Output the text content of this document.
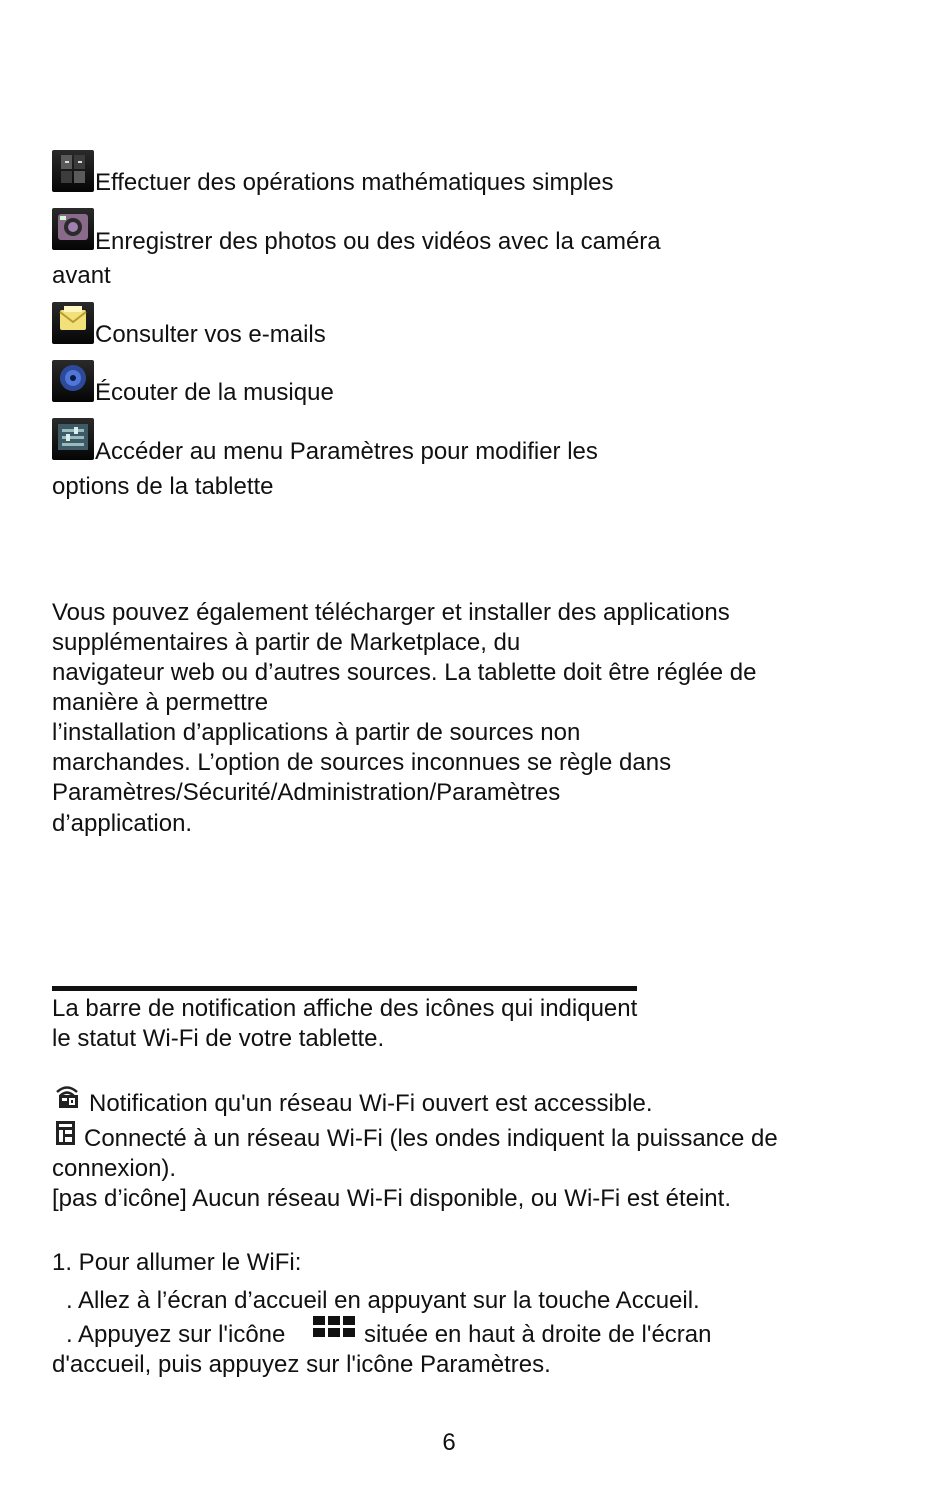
Effectuer des opérations mathématiques simples
Enregistrer des photos ou des vidéos avec la caméra
avant
Consulter vos e-mails
Écouter de la musique
Accéder au menu Paramètres pour modifier les
options de la tablette
Vous pouvez également télécharger et installer des applications
supplémentaires à partir de Marketplace, du
navigateur web ou d’autres sources. La tablette doit être réglée de
manière à permettre
l’installation d’applications à partir de sources non
marchandes. L’option de sources inconnues se règle dans
Paramètres/Sécurité/Administration/Paramètres
d’application.
La barre de notification affiche des icônes qui indiquent
le statut Wi-Fi de votre tablette.
Notification qu'un réseau Wi-Fi ouvert est accessible.
Connecté à un réseau Wi-Fi (les ondes indiquent la puissance de
connexion).
[pas d’icône] Aucun réseau Wi-Fi disponible, ou Wi-Fi est éteint.
1. Pour allumer le WiFi:
. Allez à l’écran d’accueil en appuyant sur la touche Accueil.
. Appuyez sur l'icône	située en haut à droite de l'écran
d'accueil, puis appuyez sur l'icône Paramètres.
6
